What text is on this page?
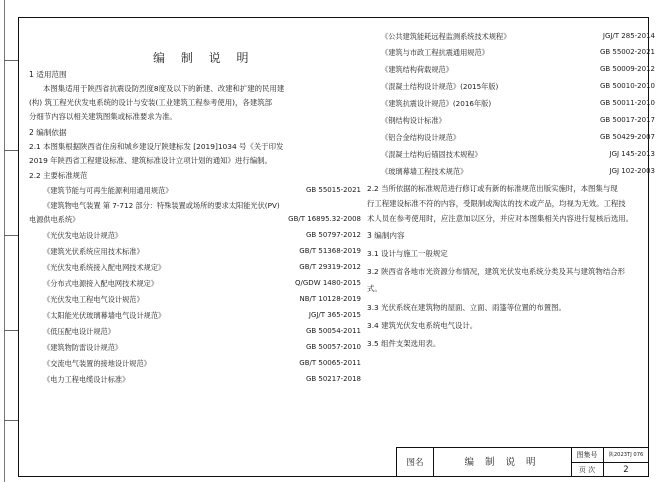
编 制 说 明
1 适用范围
本图集适用于陕西省抗震设防烈度8度及以下的新建、改建和扩建的民用建
(构) 筑工程光伏发电系统的设计与安装(工业建筑工程参考使用)，各建筑部
分细节内容以相关建筑图集或标准要求为准。
2 编制依据
2.1 本图集根据陕西省住房和城乡建设厅陕建标发 [2019]1034 号《关于印发
2019 年陕西省工程建设标准、建筑标准设计立项计划的通知》进行编制。
2.2 主要标准规范
《建筑节能与可再生能源利用通用规范》	GB 55015-2021
《建筑物电气装置 第 7-712 部分：特殊装置或场所的要求太阳能光伏(PV)
电源供电系统》	GB/T 16895.32-2008
《光伏发电站设计规范》	GB 50797-2012
《建筑光伏系统应用技术标准》	GB/T 51368-2019
《光伏发电系统接入配电网技术规定》	GB/T 29319-2012
《分布式电源接入配电网技术规定》	Q/GDW 1480-2015
《光伏发电工程电气设计规范》	NB/T 10128-2019
《太阳能光伏玻璃幕墙电气设计规范》	JGJ/T 365-2015
《低压配电设计规范》	GB 50054-2011
《建筑物防雷设计规范》	GB 50057-2010
《交流电气装置的接地设计规范》	GB/T 50065-2011
《电力工程电缆设计标准》	GB 50217-2018
《公共建筑能耗远程监测系统技术规程》	JGJ/T 285-2014
《建筑与市政工程抗震通用规范》	GB 55002-2021
《建筑结构荷载规范》	GB 50009-2012
《混凝土结构设计规范》(2015年版)	GB 50010-2010
《建筑抗震设计规范》(2016年版)	GB 50011-2010
《钢结构设计标准》	GB 50017-2017
《铝合金结构设计规范》	GB 50429-2007
《混凝土结构后锚固技术规程》	JGJ 145-2013
《玻璃幕墙工程技术规范》	JGJ 102-2003
2.2 当所依据的标准规范进行修订或有新的标准规范出版实施时，本图集与现
行工程建设标准不符的内容，受限制或淘汰的技术或产品，均视为无效。工程技
术人员在参考使用时，应注意加以区分，并应对本图集相关内容进行复核后选用。
3 编制内容
3.1 设计与施工一般规定
3.2 陕西省各地市光资源分布情况，建筑光伏发电系统分类及其与建筑物结合形
式。
3.3 光伏系统在建筑物的屋面、立面、雨篷等位置的布置图。
3.4 建筑光伏发电系统电气设计。
3.5 组件支架选用表。
图名	编 制 说 明
图集号	陕2023TJ 076
页 次	2
